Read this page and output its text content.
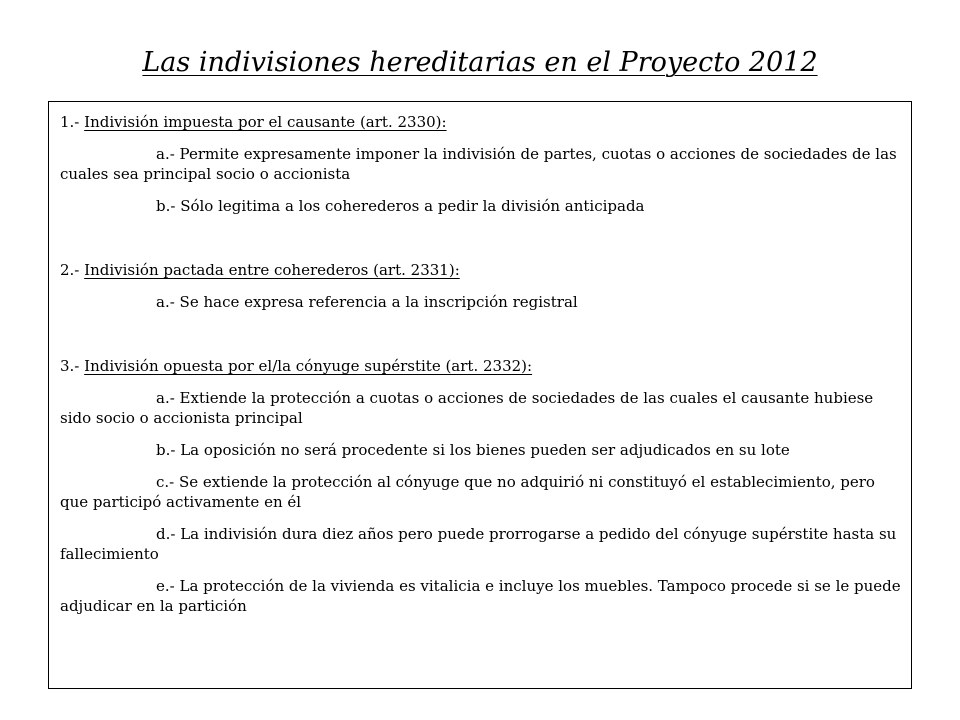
Las indivisiones hereditarias en el Proyecto 2012

1.- Indivisión impuesta por el causante (art. 2330):

a.- Permite expresamente imponer la indivisión de partes, cuotas o acciones de sociedades de las cuales sea principal socio o accionista

b.- Sólo legitima a los coherederos a pedir la división anticipada

2.- Indivisión pactada entre coherederos (art. 2331):

a.- Se hace expresa referencia a la inscripción registral

3.- Indivisión opuesta por el/la cónyuge supérstite (art. 2332):

a.- Extiende la protección a cuotas o acciones de sociedades de las cuales el causante hubiese sido socio o accionista principal

b.- La oposición no será procedente si los bienes pueden ser adjudicados en su lote

c.- Se extiende la protección al cónyuge que no adquirió ni constituyó el establecimiento, pero que participó activamente en él

d.- La indivisión dura diez años pero puede prorrogarse a pedido del cónyuge supérstite hasta su fallecimiento

e.- La protección de la vivienda es vitalicia e incluye los muebles. Tampoco procede si se le puede adjudicar en la partición
